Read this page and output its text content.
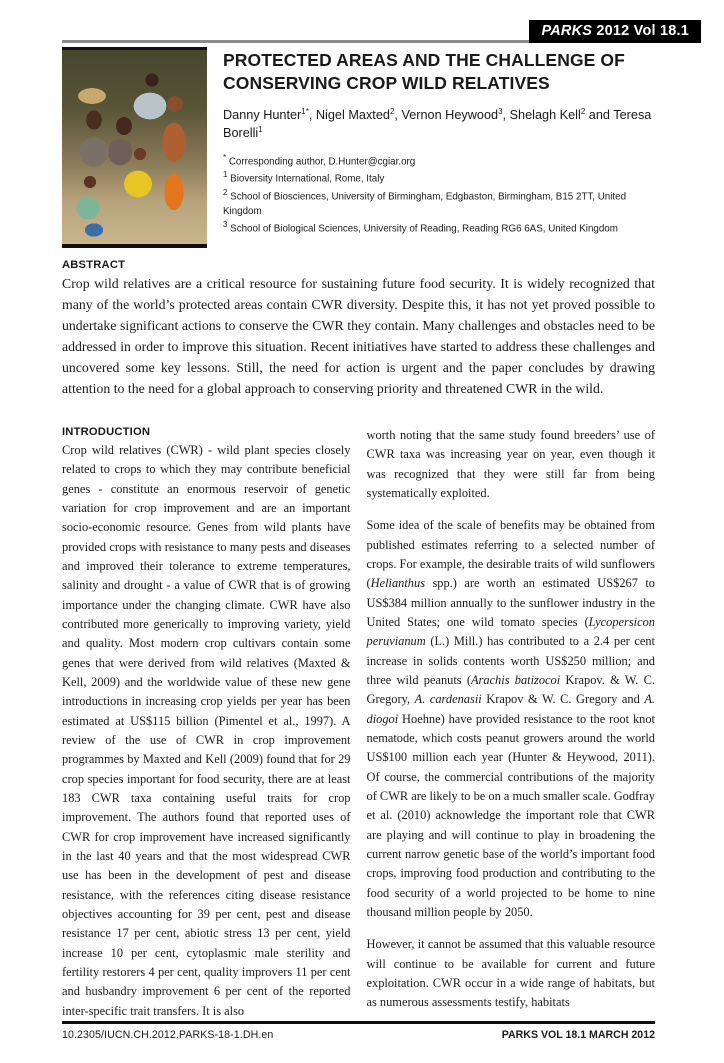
PARKS 2012 Vol 18.1
PROTECTED AREAS AND THE CHALLENGE OF CONSERVING CROP WILD RELATIVES
Danny Hunter$^{1*}$, Nigel Maxted$^2$, Vernon Heywood$^3$, Shelagh Kell$^2$ and Teresa Borelli$^1$
* Corresponding author, D.Hunter@cgiar.org
$^1$ Bioversity International, Rome, Italy
$^2$ School of Biosciences, University of Birmingham, Edgbaston, Birmingham, B15 2TT, United Kingdom
$^3$ School of Biological Sciences, University of Reading, Reading RG6 6AS, United Kingdom
ABSTRACT
Crop wild relatives are a critical resource for sustaining future food security. It is widely recognized that many of the world’s protected areas contain CWR diversity. Despite this, it has not yet proved possible to undertake significant actions to conserve the CWR they contain. Many challenges and obstacles need to be addressed in order to improve this situation. Recent initiatives have started to address these challenges and uncovered some key lessons. Still, the need for action is urgent and the paper concludes by drawing attention to the need for a global approach to conserving priority and threatened CWR in the wild.
INTRODUCTION
Crop wild relatives (CWR) - wild plant species closely related to crops to which they may contribute beneficial genes - constitute an enormous reservoir of genetic variation for crop improvement and are an important socio-economic resource. Genes from wild plants have provided crops with resistance to many pests and diseases and improved their tolerance to extreme temperatures, salinity and drought - a value of CWR that is of growing importance under the changing climate. CWR have also contributed more generically to improving variety, yield and quality. Most modern crop cultivars contain some genes that were derived from wild relatives (Maxted & Kell, 2009) and the worldwide value of these new gene introductions in increasing crop yields per year has been estimated at US$115 billion (Pimentel et al., 1997). A review of the use of CWR in crop improvement programmes by Maxted and Kell (2009) found that for 29 crop species important for food security, there are at least 183 CWR taxa containing useful traits for crop improvement. The authors found that reported uses of CWR for crop improvement have increased significantly in the last 40 years and that the most widespread CWR use has been in the development of pest and disease resistance, with the references citing disease resistance objectives accounting for 39 per cent, pest and disease resistance 17 per cent, abiotic stress 13 per cent, yield increase 10 per cent, cytoplasmic male sterility and fertility restorers 4 per cent, quality improvers 11 per cent and husbandry improvement 6 per cent of the reported inter-specific trait transfers. It is also
worth noting that the same study found breeders’ use of CWR taxa was increasing year on year, even though it was recognized that they were still far from being systematically exploited.
Some idea of the scale of benefits may be obtained from published estimates referring to a selected number of crops. For example, the desirable traits of wild sunflowers (Helianthus spp.) are worth an estimated US$267 to US$384 million annually to the sunflower industry in the United States; one wild tomato species (Lycopersicon peruvianum (L.) Mill.) has contributed to a 2.4 per cent increase in solids contents worth US$250 million; and three wild peanuts (Arachis batizocoi Krapov. & W. C. Gregory, A. cardenasii Krapov & W. C. Gregory and A. diogoi Hoehne) have provided resistance to the root knot nematode, which costs peanut growers around the world US$100 million each year (Hunter & Heywood, 2011). Of course, the commercial contributions of the majority of CWR are likely to be on a much smaller scale. Godfray et al. (2010) acknowledge the important role that CWR are playing and will continue to play in broadening the current narrow genetic base of the world’s important food crops, improving food production and contributing to the food security of a world projected to be home to nine thousand million people by 2050.
However, it cannot be assumed that this valuable resource will continue to be available for current and future exploitation. CWR occur in a wide range of habitats, but as numerous assessments testify, habitats
10.2305/IUCN.CH.2012.PARKS-18-1.DH.en	PARKS VOL 18.1 MARCH 2012
